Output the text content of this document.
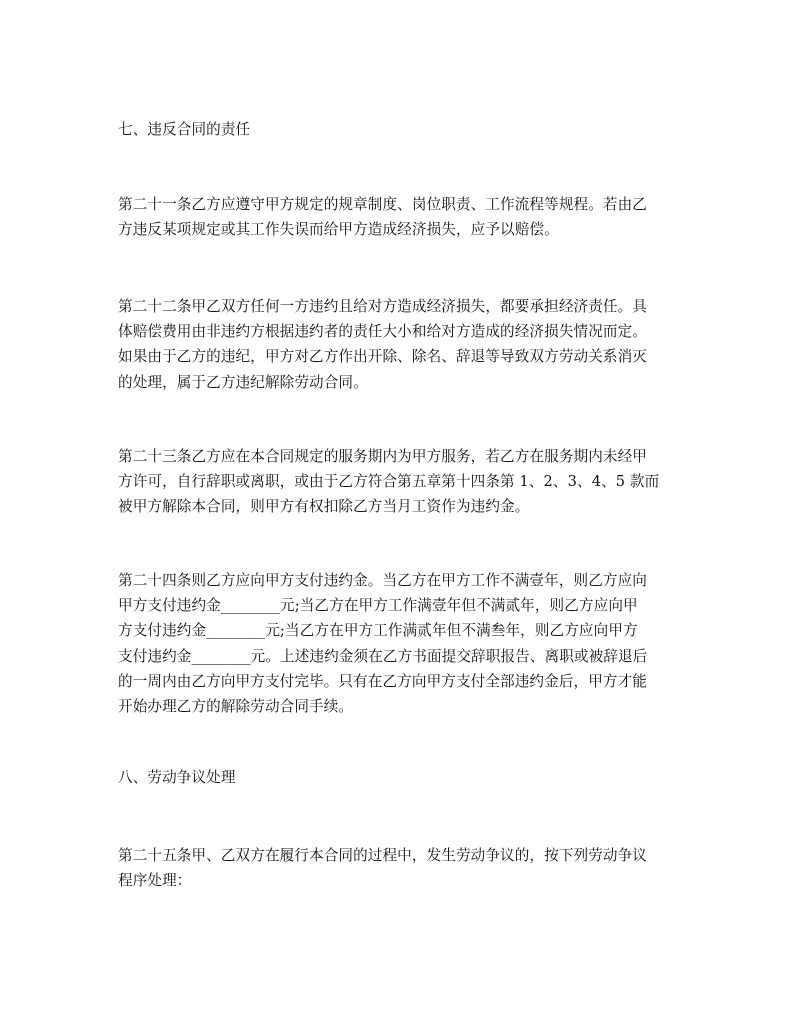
七、违反合同的责任
第二十一条乙方应遵守甲方规定的规章制度、岗位职责、工作流程等规程。若由乙
方违反某项规定或其工作失误而给甲方造成经济损失，应予以赔偿。
第二十二条甲乙双方任何一方违约且给对方造成经济损失，都要承担经济责任。具
体赔偿费用由非违约方根据违约者的责任大小和给对方造成的经济损失情况而定。
如果由于乙方的违纪，甲方对乙方作出开除、除名、辞退等导致双方劳动关系消灭
的处理，属于乙方违纪解除劳动合同。
第二十三条乙方应在本合同规定的服务期内为甲方服务，若乙方在服务期内未经甲
方许可，自行辞职或离职，或由于乙方符合第五章第十四条第 1、2、3、4、5 款而
被甲方解除本合同，则甲方有权扣除乙方当月工资作为违约金。
第二十四条则乙方应向甲方支付违约金。当乙方在甲方工作不满壹年，则乙方应向
甲方支付违约金________元;当乙方在甲方工作满壹年但不满贰年，则乙方应向甲
方支付违约金________元;当乙方在甲方工作满贰年但不满叁年，则乙方应向甲方
支付违约金________元。上述违约金须在乙方书面提交辞职报告、离职或被辞退后
的一周内由乙方向甲方支付完毕。只有在乙方向甲方支付全部违约金后，甲方才能
开始办理乙方的解除劳动合同手续。
八、劳动争议处理
第二十五条甲、乙双方在履行本合同的过程中，发生劳动争议的，按下列劳动争议
程序处理：
